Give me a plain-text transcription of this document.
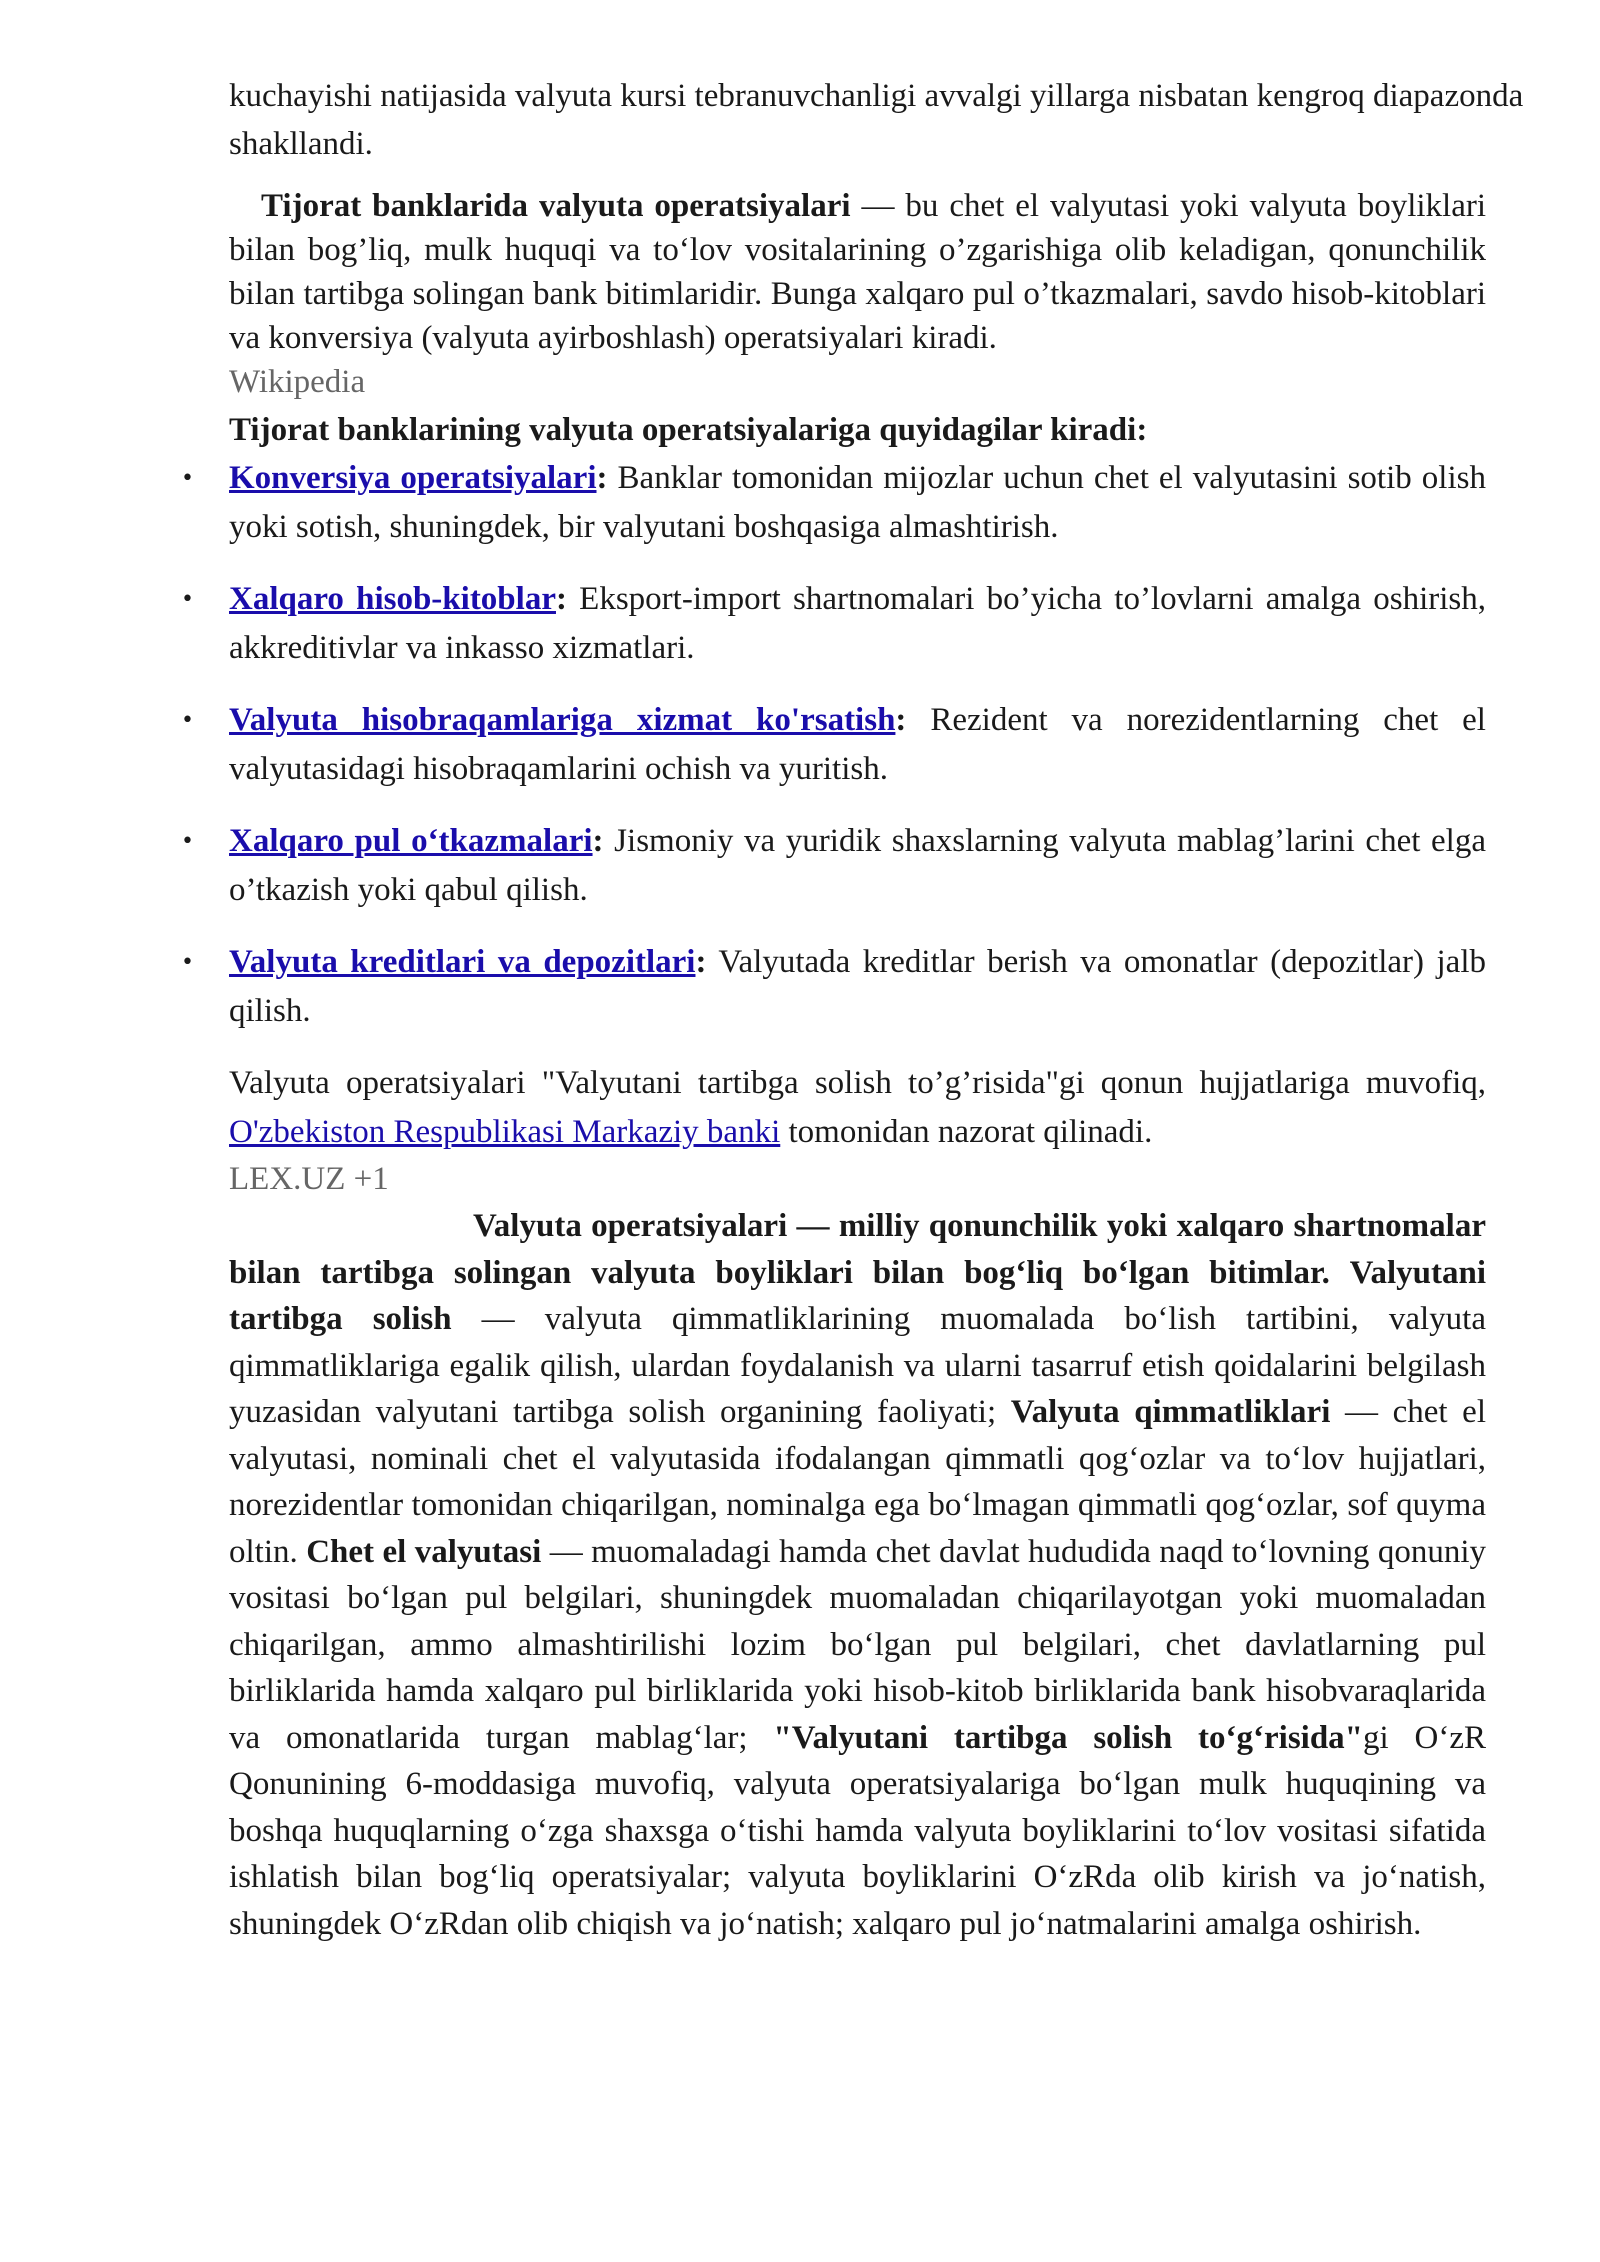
kuchayishi natijasida valyuta kursi tebranuvchanligi avvalgi yillarga nisbatan kengroq diapazonda shakllandi.

Tijorat banklarida valyuta operatsiyalari — bu chet el valyutasi yoki valyuta boyliklari bilan bog’liq, mulk huquqi va to‘lov vositalarining o’zgarishiga olib keladigan, qonunchilik bilan tartibga solingan bank bitimlaridir. Bunga xalqaro pul o’tkazmalari, savdo hisob-kitoblari va konversiya (valyuta ayirboshlash) operatsiyalari kiradi.

Wikipedia

Tijorat banklarining valyuta operatsiyalariga quyidagilar kiradi:

• Konversiya operatsiyalari: Banklar tomonidan mijozlar uchun chet el valyutasini sotib olish yoki sotish, shuningdek, bir valyutani boshqasiga almashtirish.
• Xalqaro hisob-kitoblar: Eksport-import shartnomalari bo’yicha to’lovlarni amalga oshirish, akkreditivlar va inkasso xizmatlari.
• Valyuta hisobraqamlariga xizmat ko'rsatish: Rezident va norezidentlarning chet el valyutasidagi hisobraqamlarini ochish va yuritish.
• Xalqaro pul o‘tkazmalari: Jismoniy va yuridik shaxslarning valyuta mablag’larini chet elga o’tkazish yoki qabul qilish.
• Valyuta kreditlari va depozitlari: Valyutada kreditlar berish va omonatlar (depozitlar) jalb qilish.

Valyuta operatsiyalari "Valyutani tartibga solish to’g’risida"gi qonun hujjatlariga muvofiq, O'zbekiston Respublikasi Markaziy banki tomonidan nazorat qilinadi.

LEX.UZ +1

Valyuta operatsiyalari — milliy qonunchilik yoki xalqaro shartnomalar bilan tartibga solingan valyuta boyliklari bilan bog‘liq bo‘lgan bitimlar. Valyutani tartibga solish — valyuta qimmatliklarining muomalada bo‘lish tartibini, valyuta qimmatliklariga egalik qilish, ulardan foydalanish va ularni tasarruf etish qoidalarini belgilash yuzasidan valyutani tartibga solish organining faoliyati; Valyuta qimmatliklari — chet el valyutasi, nominali chet el valyutasida ifodalangan qimmatli qog‘ozlar va to‘lov hujjatlari, norezidentlar tomonidan chiqarilgan, nominalga ega bo‘lmagan qimmatli qog‘ozlar, sof quyma oltin. Chet el valyutasi — muomaladagi hamda chet davlat hududida naqd to‘lovning qonuniy vositasi bo‘lgan pul belgilari, shuningdek muomaladan chiqarilayotgan yoki muomaladan chiqarilgan, ammo almashtirilishi lozim bo‘lgan pul belgilari, chet davlatlarning pul birliklarida hamda xalqaro pul birliklarida yoki hisob-kitob birliklarida bank hisobvaraqlarida va omonatlarida turgan mablag‘lar; "Valyutani tartibga solish to‘g‘risida"gi O‘zR Qonunining 6-moddasiga muvofiq, valyuta operatsiyalariga bo‘lgan mulk huquqining va boshqa huquqlarning o‘zga shaxsga o‘tishi hamda valyuta boyliklarini to‘lov vositasi sifatida ishlatish bilan bog‘liq operatsiyalar; valyuta boyliklarini O‘zRda olib kirish va jo‘natish, shuningdek O‘zRdan olib chiqish va jo‘natish; xalqaro pul jo‘natmalarini amalga oshirish.
